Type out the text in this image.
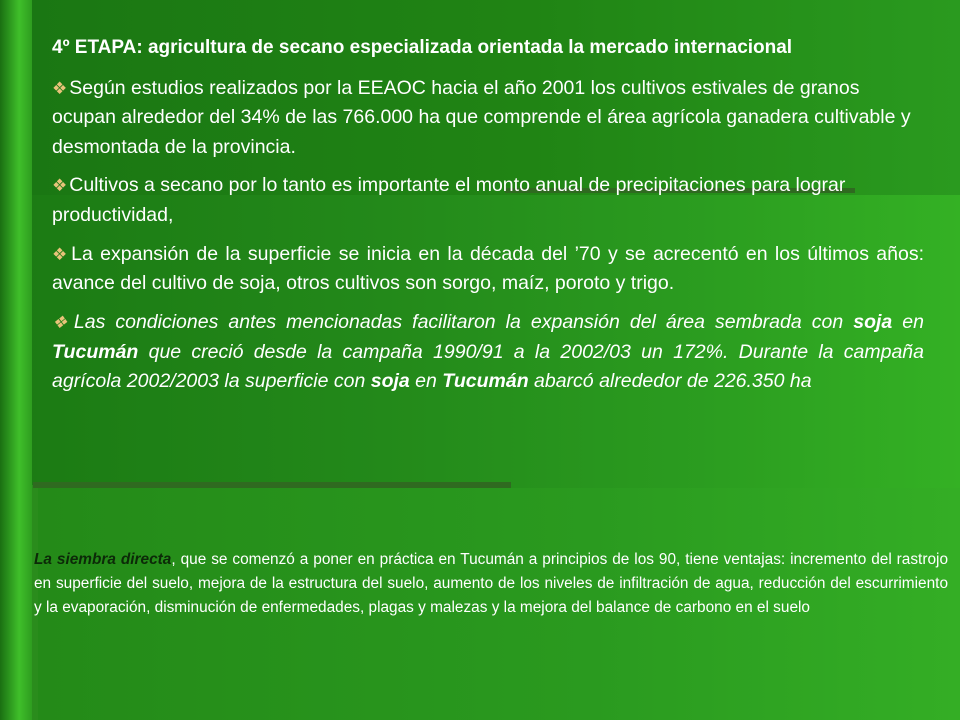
4º ETAPA: agricultura de secano especializada orientada la mercado internacional

❖ Según estudios realizados por la EEAOC hacia el año 2001 los cultivos estivales de granos ocupan alrededor del 34% de las 766.000 ha que comprende el área agrícola ganadera cultivable y desmontada de la provincia.

❖ Cultivos a secano por lo tanto es importante el monto anual de precipitaciones para lograr productividad,

❖ La expansión de la superficie se inicia en la década del ’70 y se acrecentó en los últimos años: avance del cultivo de soja, otros cultivos son sorgo, maíz, poroto y trigo.

❖ Las condiciones antes mencionadas facilitaron la expansión del área sembrada con soja en Tucumán que creció desde la campaña 1990/91 a la 2002/03 un 172%. Durante la campaña agrícola 2002/2003 la superficie con soja en Tucumán abarcó alrededor de 226.350 ha

La siembra directa, que se comenzó a poner en práctica en Tucumán a principios de los 90, tiene ventajas: incremento del rastrojo en superficie del suelo, mejora de la estructura del suelo, aumento de los niveles de infiltración de agua, reducción del escurrimiento y la evaporación, disminución de enfermedades, plagas y malezas y la mejora del balance de carbono en el suelo
